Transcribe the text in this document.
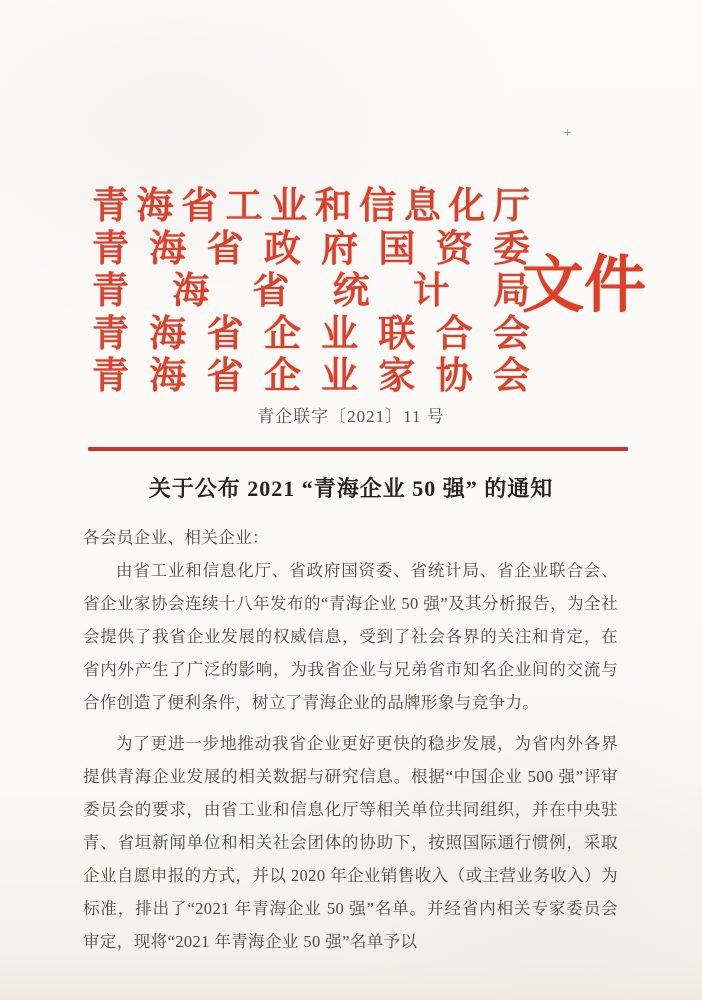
+
青 海 省 工 业 和 信 息 化 厅
青 海 省 政 府 国 资 委
青 海 省 统 计 局
青 海 省 企 业 联 合 会
青 海 省 企 业 家 协 会
文件
青企联字〔2021〕11 号
关于公布 2021 “青海企业 50 强” 的通知

各会员企业、相关企业：

由省工业和信息化厅、省政府国资委、省统计局、省企业联合会、省企业家协会连续十八年发布的“青海企业 50 强”及其分析报告，为全社会提供了我省企业发展的权威信息，受到了社会各界的关注和肯定，在省内外产生了广泛的影响，为我省企业与兄弟省市知名企业间的交流与合作创造了便利条件，树立了青海企业的品牌形象与竞争力。

为了更进一步地推动我省企业更好更快的稳步发展，为省内外各界提供青海企业发展的相关数据与研究信息。根据“中国企业 500 强”评审委员会的要求，由省工业和信息化厅等相关单位共同组织，并在中央驻青、省垣新闻单位和相关社会团体的协助下，按照国际通行惯例，采取企业自愿申报的方式，并以 2020 年企业销售收入（或主营业务收入）为标准，排出了“2021 年青海企业 50 强”名单。并经省内相关专家委员会审定，现将“2021 年青海企业 50 强”名单予以
